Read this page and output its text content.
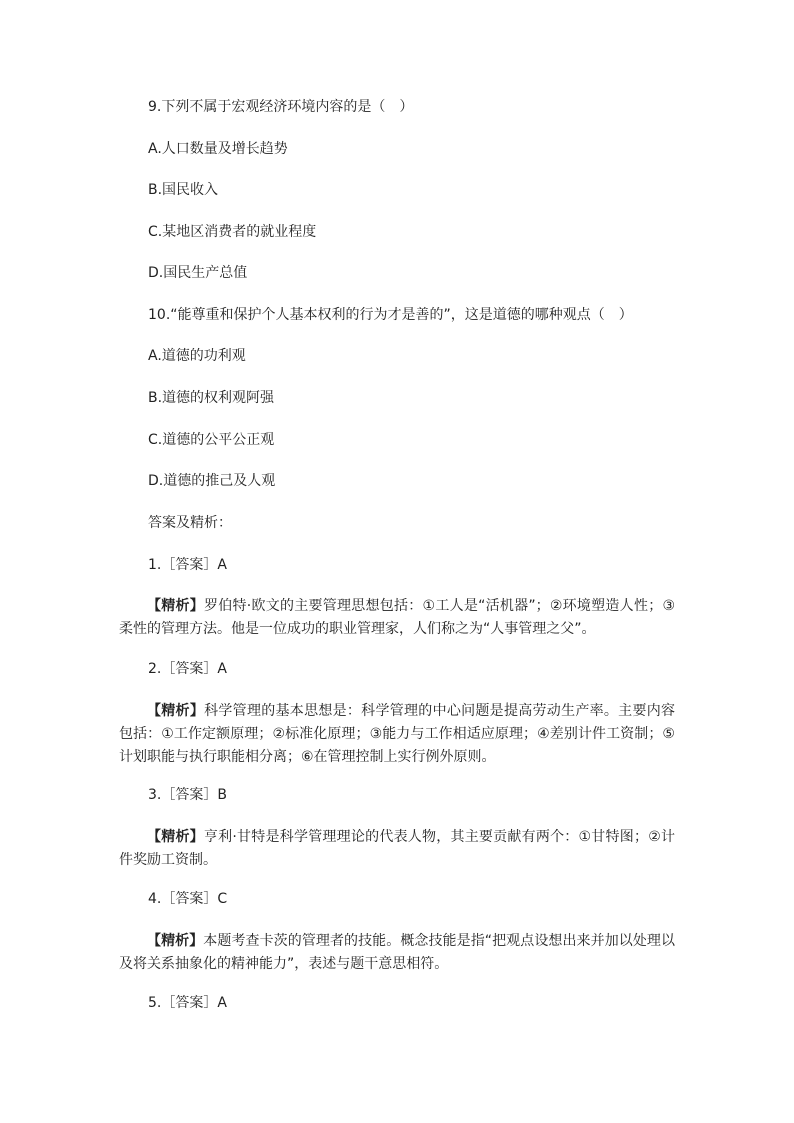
9.下列不属于宏观经济环境内容的是（　）

A.人口数量及增长趋势

B.国民收入

C.某地区消费者的就业程度

D.国民生产总值

10.“能尊重和保护个人基本权利的行为才是善的”，这是道德的哪种观点（　）

A.道德的功利观

B.道德的权利观阿强

C.道德的公平公正观

D.道德的推己及人观

答案及精析：

1.［答案］A

【精析】罗伯特·欧文的主要管理思想包括：①工人是“活机器”；②环境塑造人性；③柔性的管理方法。他是一位成功的职业管理家，人们称之为“人事管理之父”。

2.［答案］A

【精析】科学管理的基本思想是：科学管理的中心问题是提高劳动生产率。主要内容包括：①工作定额原理；②标准化原理；③能力与工作相适应原理；④差别计件工资制；⑤计划职能与执行职能相分离；⑥在管理控制上实行例外原则。

3.［答案］B

【精析】亨利·甘特是科学管理理论的代表人物，其主要贡献有两个：①甘特图；②计件奖励工资制。

4.［答案］C

【精析】本题考查卡茨的管理者的技能。概念技能是指“把观点设想出来并加以处理以及将关系抽象化的精神能力”，表述与题干意思相符。

5.［答案］A
